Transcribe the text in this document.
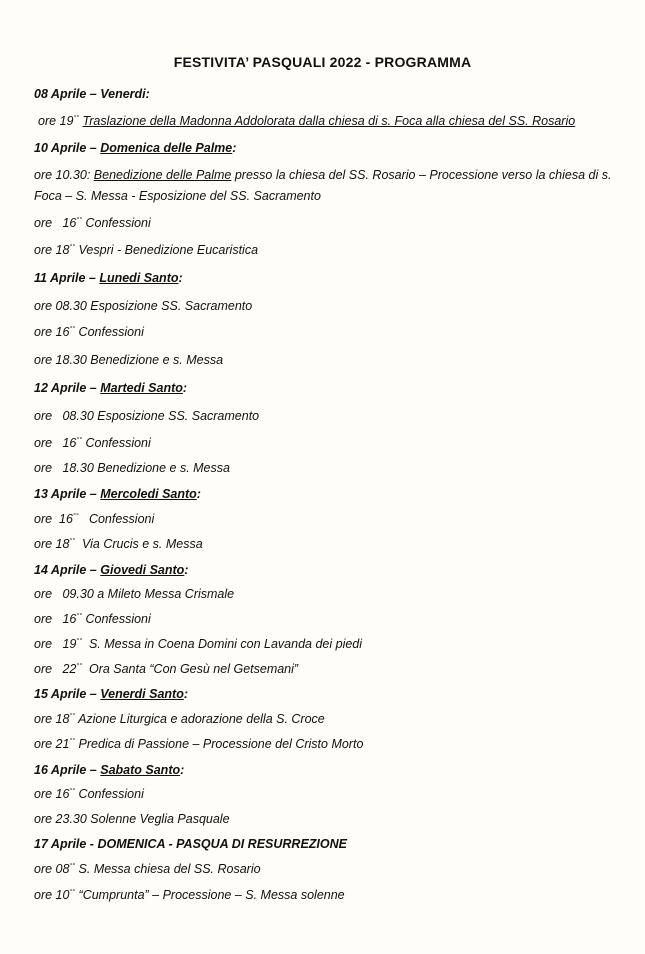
FESTIVITA’ PASQUALI 2022 - PROGRAMMA
08 Aprile – Venerdi:
ore 19°° Traslazione della Madonna Addolorata dalla chiesa di s. Foca alla chiesa del SS. Rosario
10 Aprile – Domenica delle Palme:
ore 10.30: Benedizione delle Palme presso la chiesa del SS. Rosario – Processione verso la chiesa di s. Foca – S. Messa - Esposizione del SS. Sacramento
ore   16°° Confessioni
ore 18°° Vespri - Benedizione Eucaristica
11 Aprile – Lunedi Santo:
ore 08.30 Esposizione SS. Sacramento
ore 16°° Confessioni
ore 18.30 Benedizione e s. Messa
12 Aprile – Martedi Santo:
ore   08.30 Esposizione SS. Sacramento
ore   16°° Confessioni
ore   18.30 Benedizione e s. Messa
13 Aprile – Mercoledi Santo:
ore  16°°   Confessioni
ore 18°°  Via Crucis e s. Messa
14 Aprile – Giovedi Santo:
ore   09.30 a Mileto Messa Crismale
ore   16°° Confessioni
ore   19°°  S. Messa in Coena Domini con Lavanda dei piedi
ore   22°°  Ora Santa “Con Gesù nel Getsemani”
15 Aprile – Venerdi Santo:
ore 18°° Azione Liturgica e adorazione della S. Croce
ore 21°° Predica di Passione – Processione del Cristo Morto
16 Aprile – Sabato Santo:
ore 16°° Confessioni
ore 23.30 Solenne Veglia Pasquale
17 Aprile - DOMENICA - PASQUA DI RESURREZIONE
ore 08°° S. Messa chiesa del SS. Rosario
ore 10°° “Cumprunta” – Processione – S. Messa solenne
